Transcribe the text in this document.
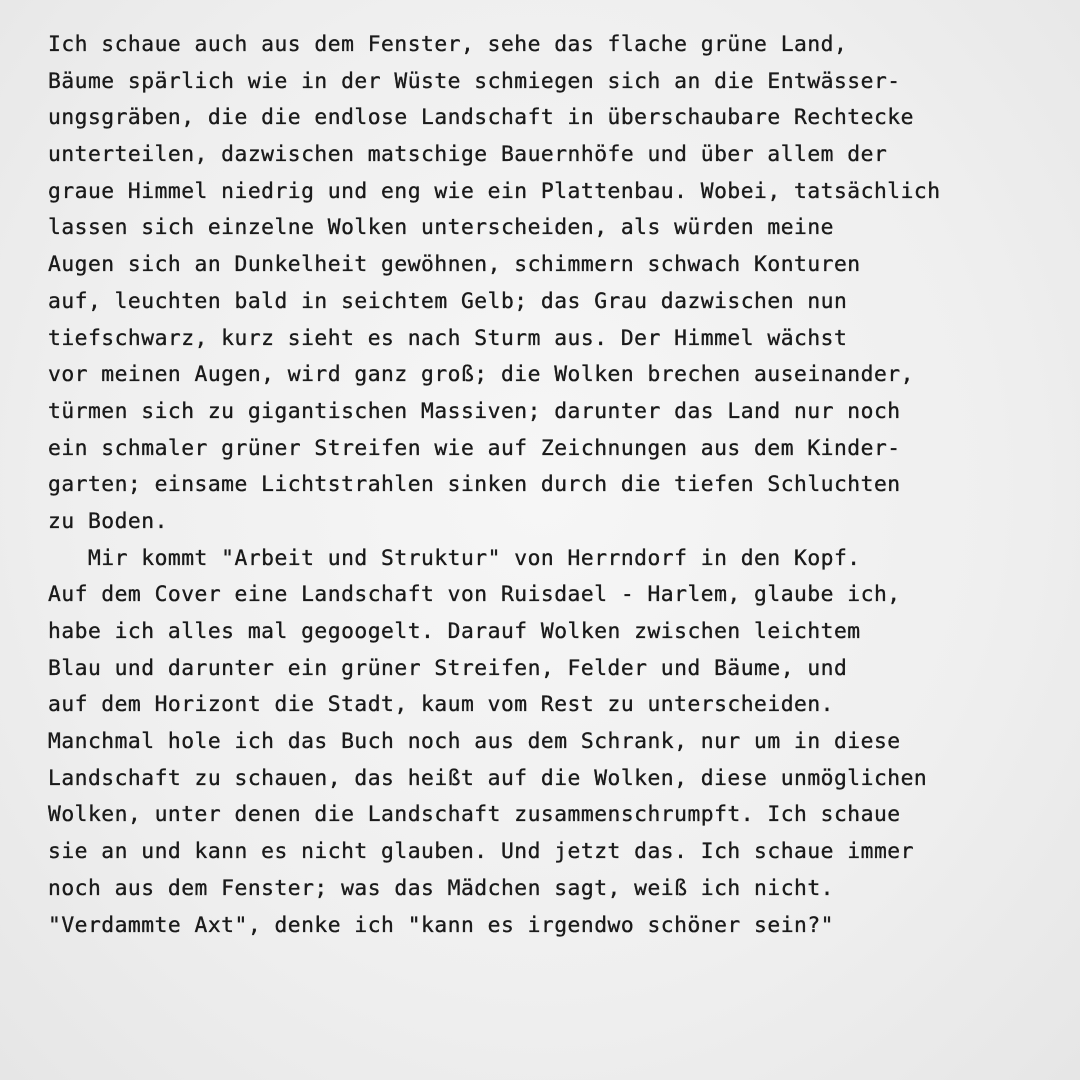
Ich schaue auch aus dem Fenster, sehe das flache grüne Land,
Bäume spärlich wie in der Wüste schmiegen sich an die Entwässer-
ungsgräben, die die endlose Landschaft in überschaubare Rechtecke
unterteilen, dazwischen matschige Bauernhöfe und über allem der
graue Himmel niedrig und eng wie ein Plattenbau. Wobei, tatsächlich
lassen sich einzelne Wolken unterscheiden, als würden meine
Augen sich an Dunkelheit gewöhnen, schimmern schwach Konturen
auf, leuchten bald in seichtem Gelb; das Grau dazwischen nun
tiefschwarz, kurz sieht es nach Sturm aus. Der Himmel wächst
vor meinen Augen, wird ganz groß; die Wolken brechen auseinander,
türmen sich zu gigantischen Massiven; darunter das Land nur noch
ein schmaler grüner Streifen wie auf Zeichnungen aus dem Kinder-
garten; einsame Lichtstrahlen sinken durch die tiefen Schluchten
zu Boden.
Mir kommt "Arbeit und Struktur" von Herrndorf in den Kopf.
Auf dem Cover eine Landschaft von Ruisdael - Harlem, glaube ich,
habe ich alles mal gegoogelt. Darauf Wolken zwischen leichtem
Blau und darunter ein grüner Streifen, Felder und Bäume, und
auf dem Horizont die Stadt, kaum vom Rest zu unterscheiden.
Manchmal hole ich das Buch noch aus dem Schrank, nur um in diese
Landschaft zu schauen, das heißt auf die Wolken, diese unmöglichen
Wolken, unter denen die Landschaft zusammenschrumpft. Ich schaue
sie an und kann es nicht glauben. Und jetzt das. Ich schaue immer
noch aus dem Fenster; was das Mädchen sagt, weiß ich nicht.
"Verdammte Axt", denke ich "kann es irgendwo schöner sein?"
